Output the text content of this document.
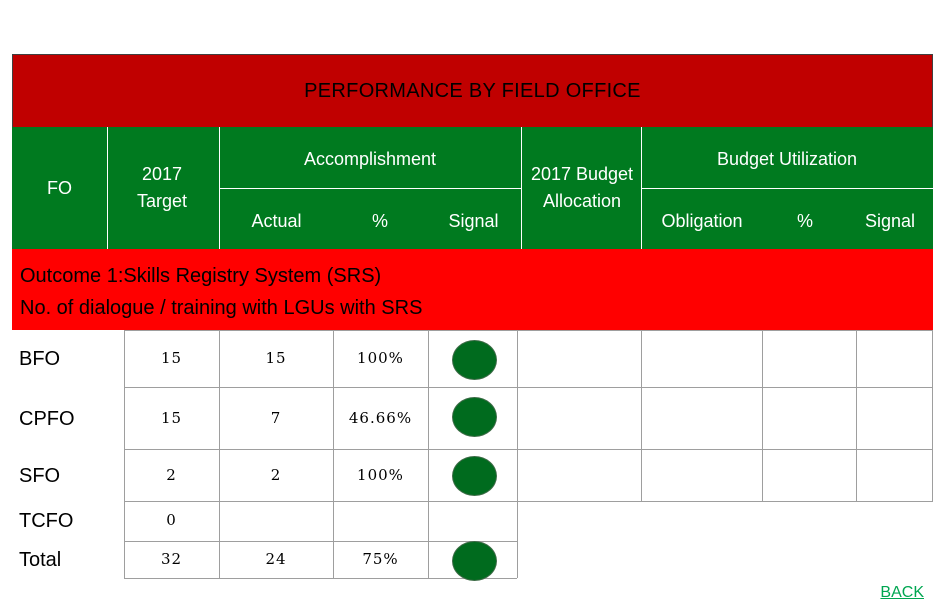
PERFORMANCE BY FIELD OFFICE
FO
2017 Target
Accomplishment
Actual	%	Signal
2017 Budget Allocation
Budget Utilization
Obligation	%	Signal
Outcome 1:Skills Registry System (SRS)
No. of dialogue / training with LGUs with SRS
BFO	15	15	100%
CPFO	15	7	46.66%
SFO	2	2	100%
TCFO	0
Total	32	24	75%
BACK
